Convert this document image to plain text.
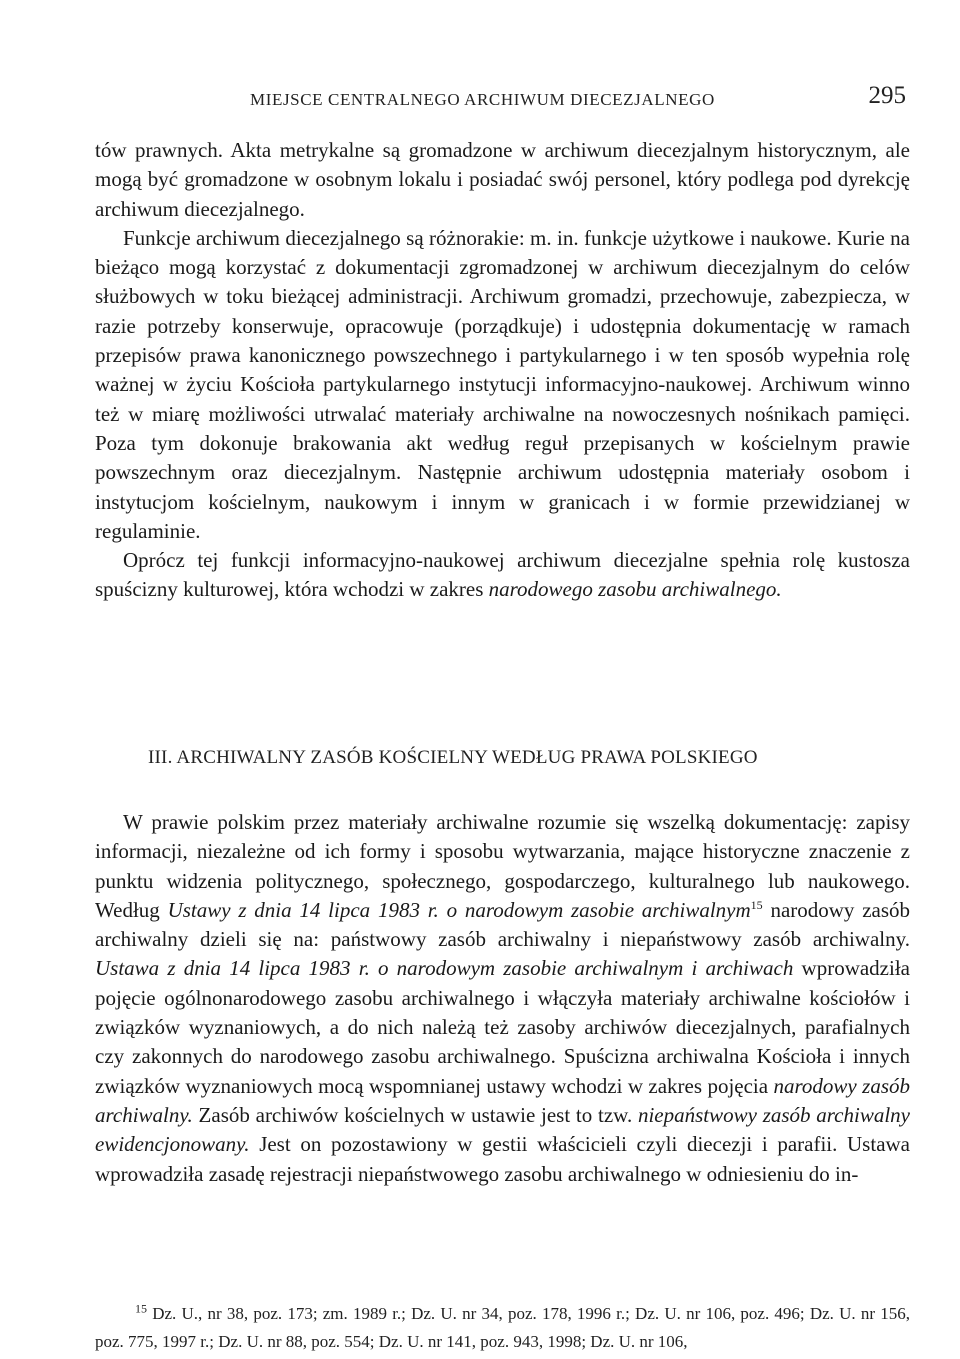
MIEJSCE CENTRALNEGO ARCHIWUM DIECEZJALNEGO	295

tów prawnych. Akta metrykalne są gromadzone w archiwum diecezjalnym historycznym, ale mogą być gromadzone w osobnym lokalu i posiadać swój personel, który podlega pod dyrekcję archiwum diecezjalnego.

Funkcje archiwum diecezjalnego są różnorakie: m. in. funkcje użytkowe i naukowe. Kurie na bieżąco mogą korzystać z dokumentacji zgromadzonej w archiwum diecezjalnym do celów służbowych w toku bieżącej administracji. Archiwum gromadzi, przechowuje, zabezpiecza, w razie potrzeby konserwuje, opracowuje (porządkuje) i udostępnia dokumentację w ramach przepisów prawa kanonicznego powszechnego i partykularnego i w ten sposób wypełnia rolę ważnej w życiu Kościoła partykularnego instytucji informacyjno-naukowej. Archiwum winno też w miarę możliwości utrwalać materiały archiwalne na nowoczesnych nośnikach pamięci. Poza tym dokonuje brakowania akt według reguł przepisanych w kościelnym prawie powszechnym oraz diecezjalnym. Następnie archiwum udostępnia materiały osobom i instytucjom kościelnym, naukowym i innym w granicach i w formie przewidzianej w regulaminie.

Oprócz tej funkcji informacyjno-naukowej archiwum diecezjalne spełnia rolę kustosza spuścizny kulturowej, która wchodzi w zakres narodowego zasobu archiwalnego.

III. ARCHIWALNY ZASÓB KOŚCIELNY WEDŁUG PRAWA POLSKIEGO

W prawie polskim przez materiały archiwalne rozumie się wszelką dokumentację: zapisy informacji, niezależne od ich formy i sposobu wytwarzania, mające historyczne znaczenie z punktu widzenia politycznego, społecznego, gospodarczego, kulturalnego lub naukowego. Według Ustawy z dnia 14 lipca 1983 r. o narodowym zasobie archiwalnym$^{15}$ narodowy zasób archiwalny dzieli się na: państwowy zasób archiwalny i niepaństwowy zasób archiwalny. Ustawa z dnia 14 lipca 1983 r. o narodowym zasobie archiwalnym i archiwach wprowadziła pojęcie ogólnonarodowego zasobu archiwalnego i włączyła materiały archiwalne kościołów i związków wyznaniowych, a do nich należą też zasoby archiwów diecezjalnych, parafialnych czy zakonnych do narodowego zasobu archiwalnego. Spuścizna archiwalna Kościoła i innych związków wyznaniowych mocą wspomnianej ustawy wchodzi w zakres pojęcia narodowy zasób archiwalny. Zasób archiwów kościelnych w ustawie jest to tzw. niepaństwowy zasób archiwalny ewidencjonowany. Jest on pozostawiony w gestii właścicieli czyli diecezji i parafii. Ustawa wprowadziła zasadę rejestracji niepaństwowego zasobu archiwalnego w odniesieniu do in-

$^{15}$ Dz. U., nr 38, poz. 173; zm. 1989 r.; Dz. U. nr 34, poz. 178, 1996 r.; Dz. U. nr 106, poz. 496; Dz. U. nr 156, poz. 775, 1997 r.; Dz. U. nr 88, poz. 554; Dz. U. nr 141, poz. 943, 1998; Dz. U. nr 106,
